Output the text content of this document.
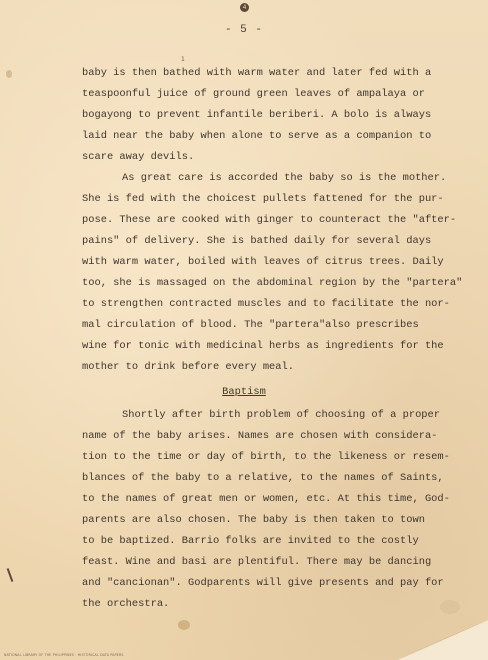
4
- 5 -
1
baby is then bathed with warm water and later fed with a
teaspoonful juice of ground green leaves of ampalaya or
bogayong to prevent infantile beriberi. A bolo is always
laid near the baby when alone to serve as a companion to
scare away devils.
As great care is accorded the baby so is the mother.
She is fed with the choicest pullets fattened for the pur-
pose. These are cooked with ginger to counteract the "after-
pains" of delivery. She is bathed daily for several days
with warm water, boiled with leaves of citrus trees. Daily
too, she is massaged on the abdominal region by the "partera"
to strengthen contracted muscles and to facilitate the nor-
mal circulation of blood. The "partera"also prescribes
wine for tonic with medicinal herbs as ingredients for the
mother to drink before every meal.
Baptism
Shortly after birth problem of choosing of a proper
name of the baby arises. Names are chosen with considera-
tion to the time or day of birth, to the likeness or resem-
blances of the baby to a relative, to the names of Saints,
to the names of great men or women, etc. At this time, God-
parents are also chosen. The baby is then taken to town
to be baptized. Barrio folks are invited to the costly
feast. Wine and basi are plentiful. There may be dancing
and "cancionan". Godparents will give presents and pay for
the orchestra.
NATIONAL LIBRARY OF THE PHILIPPINES · HISTORICAL DATA PAPERS
